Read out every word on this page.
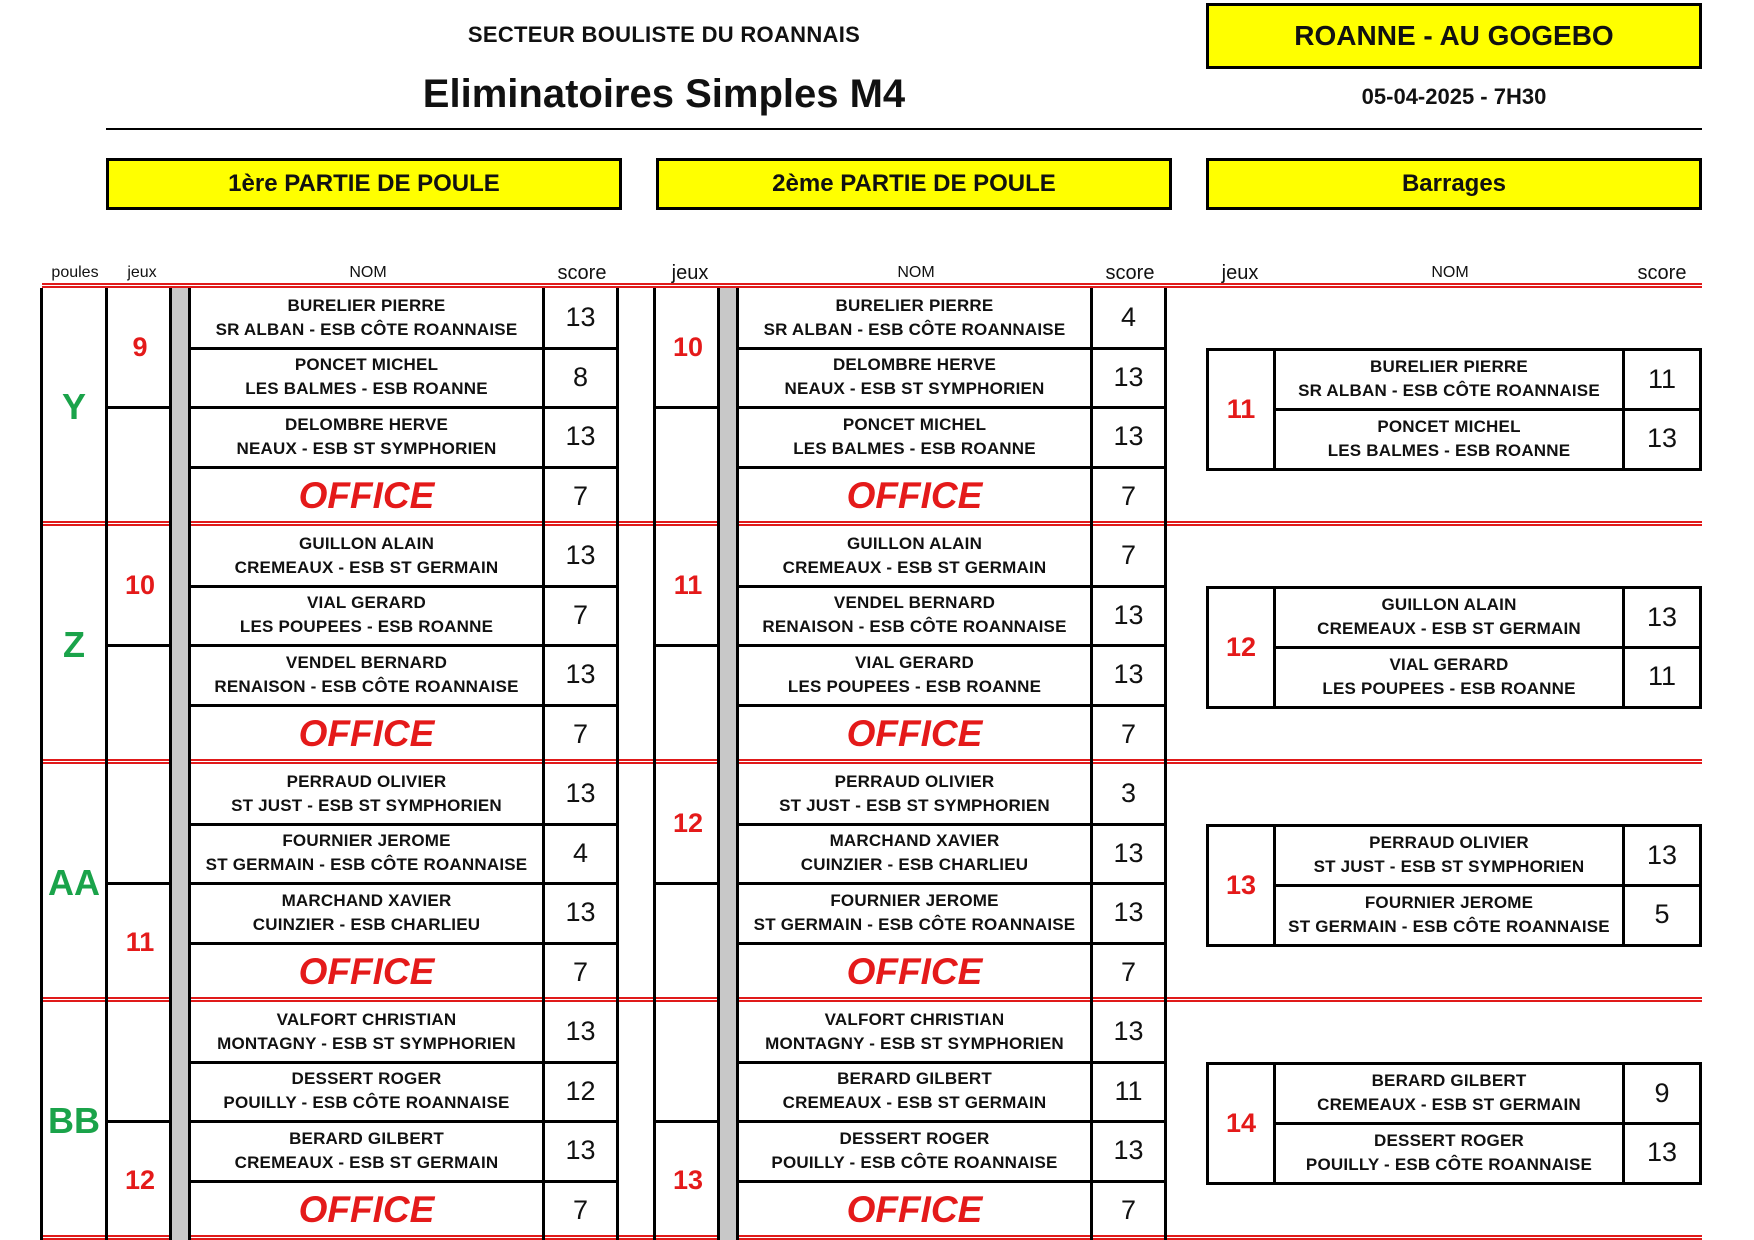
SECTEUR BOULISTE DU ROANNAIS
Eliminatoires Simples M4
ROANNE - AU GOGEBO
05-04-2025 - 7H30
1ère PARTIE DE POULE	2ème PARTIE DE POULE	Barrages
poules	jeux	NOM	score	jeux	NOM	score	jeux	NOM	score
Y
9
BURELIER PIERRE
SR ALBAN - ESB CÔTE ROANNAISE	13
PONCET MICHEL
LES BALMES - ESB ROANNE	8
DELOMBRE HERVE
NEAUX - ESB ST SYMPHORIEN	13
OFFICE	7
10
BURELIER PIERRE
SR ALBAN - ESB CÔTE ROANNAISE	4
DELOMBRE HERVE
NEAUX - ESB ST SYMPHORIEN	13
PONCET MICHEL
LES BALMES - ESB ROANNE	13
OFFICE	7
11
BURELIER PIERRE
SR ALBAN - ESB CÔTE ROANNAISE	11
PONCET MICHEL
LES BALMES - ESB ROANNE	13
Z
10
GUILLON ALAIN
CREMEAUX - ESB ST GERMAIN	13
VIAL GERARD
LES POUPEES - ESB ROANNE	7
VENDEL BERNARD
RENAISON - ESB CÔTE ROANNAISE	13
OFFICE	7
11
GUILLON ALAIN
CREMEAUX - ESB ST GERMAIN	7
VENDEL BERNARD
RENAISON - ESB CÔTE ROANNAISE	13
VIAL GERARD
LES POUPEES - ESB ROANNE	13
OFFICE	7
12
GUILLON ALAIN
CREMEAUX - ESB ST GERMAIN	13
VIAL GERARD
LES POUPEES - ESB ROANNE	11
AA
11
PERRAUD OLIVIER
ST JUST - ESB ST SYMPHORIEN	13
FOURNIER JEROME
ST GERMAIN - ESB CÔTE ROANNAISE	4
MARCHAND XAVIER
CUINZIER - ESB CHARLIEU	13
OFFICE	7
12
PERRAUD OLIVIER
ST JUST - ESB ST SYMPHORIEN	3
MARCHAND XAVIER
CUINZIER - ESB CHARLIEU	13
FOURNIER JEROME
ST GERMAIN - ESB CÔTE ROANNAISE	13
OFFICE	7
13
PERRAUD OLIVIER
ST JUST - ESB ST SYMPHORIEN	13
FOURNIER JEROME
ST GERMAIN - ESB CÔTE ROANNAISE	5
BB
12
VALFORT CHRISTIAN
MONTAGNY - ESB ST SYMPHORIEN	13
DESSERT ROGER
POUILLY - ESB CÔTE ROANNAISE	12
BERARD GILBERT
CREMEAUX - ESB ST GERMAIN	13
OFFICE	7
13
VALFORT CHRISTIAN
MONTAGNY - ESB ST SYMPHORIEN	13
BERARD GILBERT
CREMEAUX - ESB ST GERMAIN	11
DESSERT ROGER
POUILLY - ESB CÔTE ROANNAISE	13
OFFICE	7
14
BERARD GILBERT
CREMEAUX - ESB ST GERMAIN	9
DESSERT ROGER
POUILLY - ESB CÔTE ROANNAISE	13
